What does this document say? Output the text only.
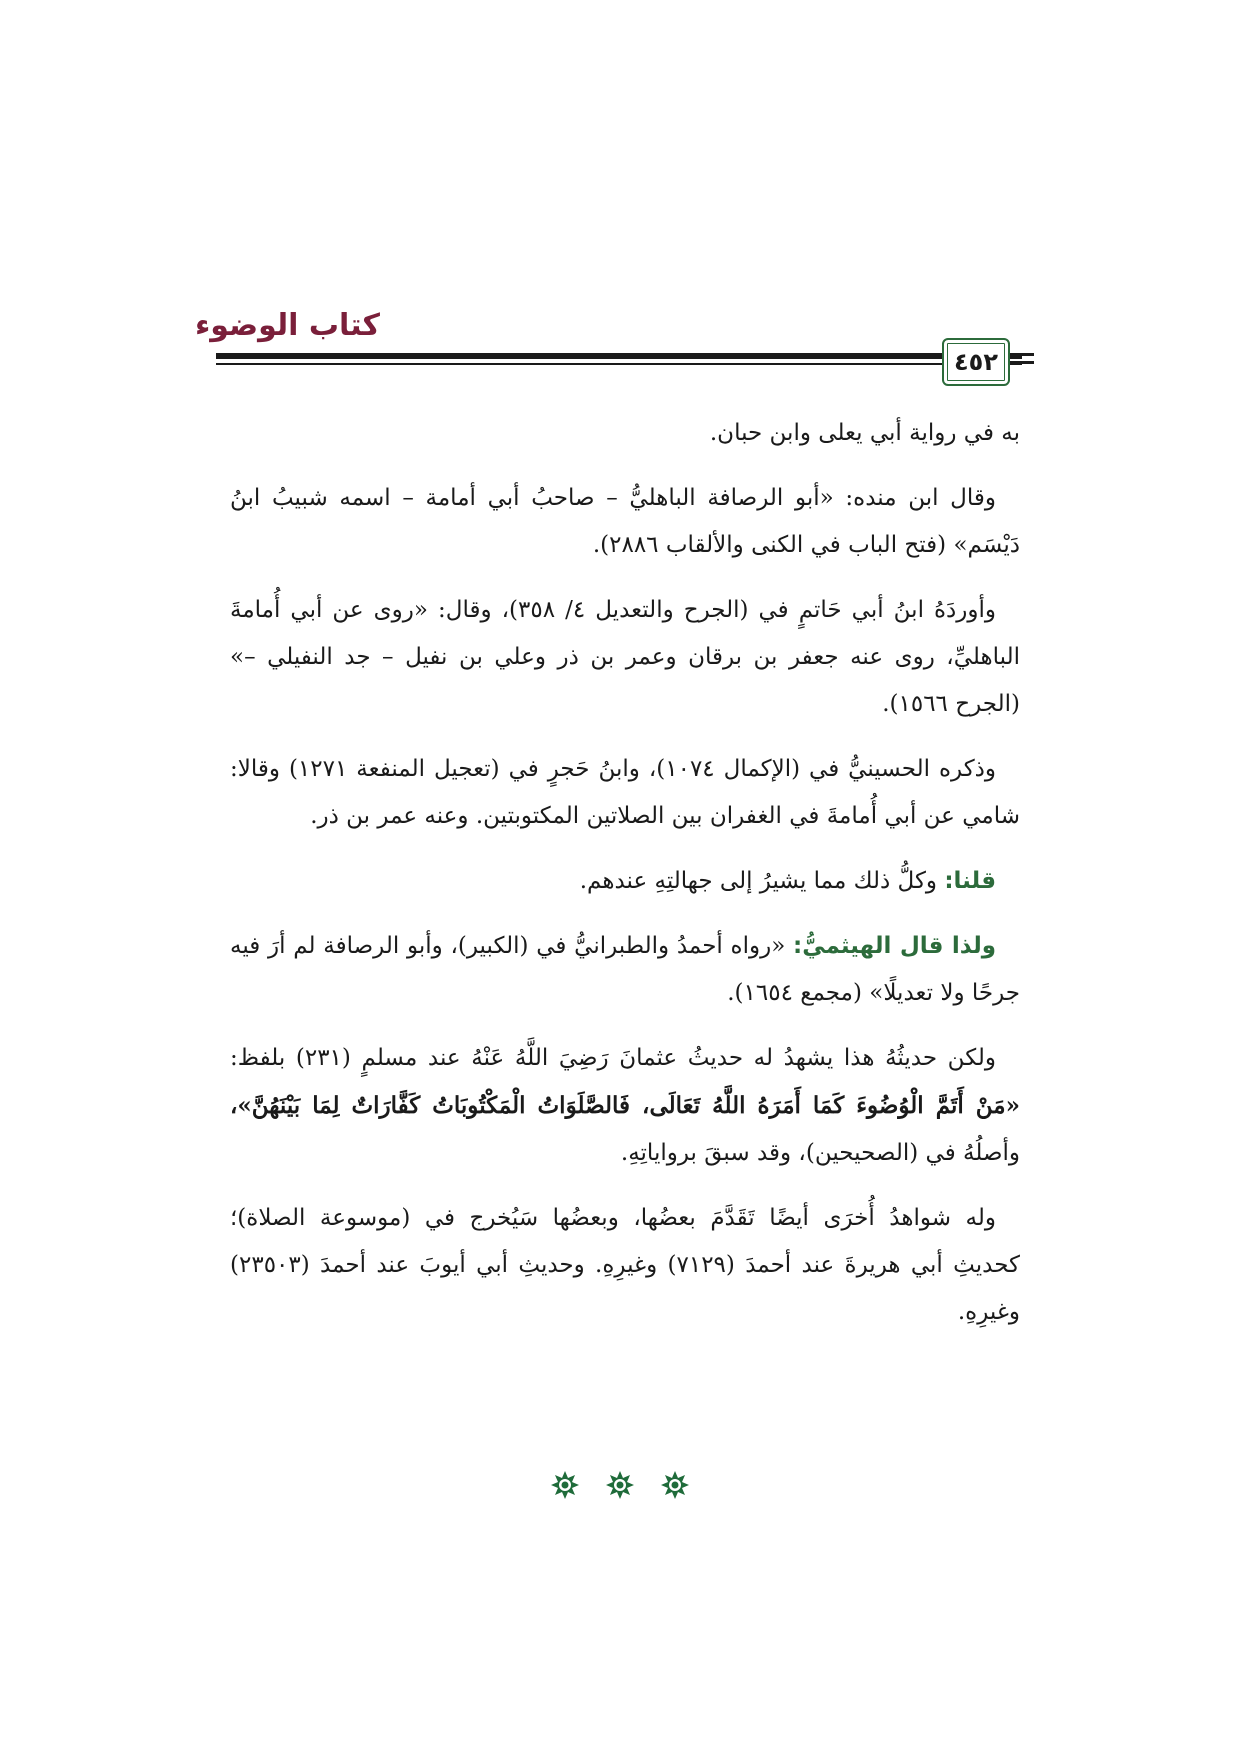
كتاب الوضوء
٤٥٢

به في رواية أبي يعلى وابن حبان.

وقال ابن منده: «أبو الرصافة الباهليُّ – صاحبُ أبي أمامة – اسمه شبيبُ ابنُ دَيْسَم» (فتح الباب في الكنى والألقاب ٢٨٨٦).

وأوردَهُ ابنُ أبي حَاتمٍ في (الجرح والتعديل ٤/ ٣٥٨)، وقال: «روى عن أبي أُمامةَ الباهليِّ، روى عنه جعفر بن برقان وعمر بن ذر وعلي بن نفيل – جد النفيلي –» (الجرح ١٥٦٦).

وذكره الحسينيُّ في (الإكمال ١٠٧٤)، وابنُ حَجرٍ في (تعجيل المنفعة ١٢٧١) وقالا: شامي عن أبي أُمامةَ في الغفران بين الصلاتين المكتوبتين. وعنه عمر بن ذر.

قلنا: وكلُّ ذلك مما يشيرُ إلى جهالتِهِ عندهم.

ولذا قال الهيثميُّ: «رواه أحمدُ والطبرانيُّ في (الكبير)، وأبو الرصافة لم أرَ فيه جرحًا ولا تعديلًا» (مجمع ١٦٥٤).

ولكن حديثُهُ هذا يشهدُ له حديثُ عثمانَ رَضِيَ اللَّهُ عَنْهُ عند مسلمٍ (٢٣١) بلفظ: «مَنْ أَتَمَّ الْوُضُوءَ كَمَا أَمَرَهُ اللَّهُ تَعَالَى، فَالصَّلَوَاتُ الْمَكْتُوبَاتُ كَفَّارَاتٌ لِمَا بَيْنَهُنَّ»، وأصلُهُ في (الصحيحين)، وقد سبقَ برواياتِهِ.

وله شواهدُ أُخرَى أيضًا تَقَدَّمَ بعضُها، وبعضُها سَيُخرج في (موسوعة الصلاة)؛ كحديثِ أبي هريرةَ عند أحمدَ (٧١٢٩) وغيرِهِ. وحديثِ أبي أيوبَ عند أحمدَ (٢٣٥٠٣) وغيرِهِ.
